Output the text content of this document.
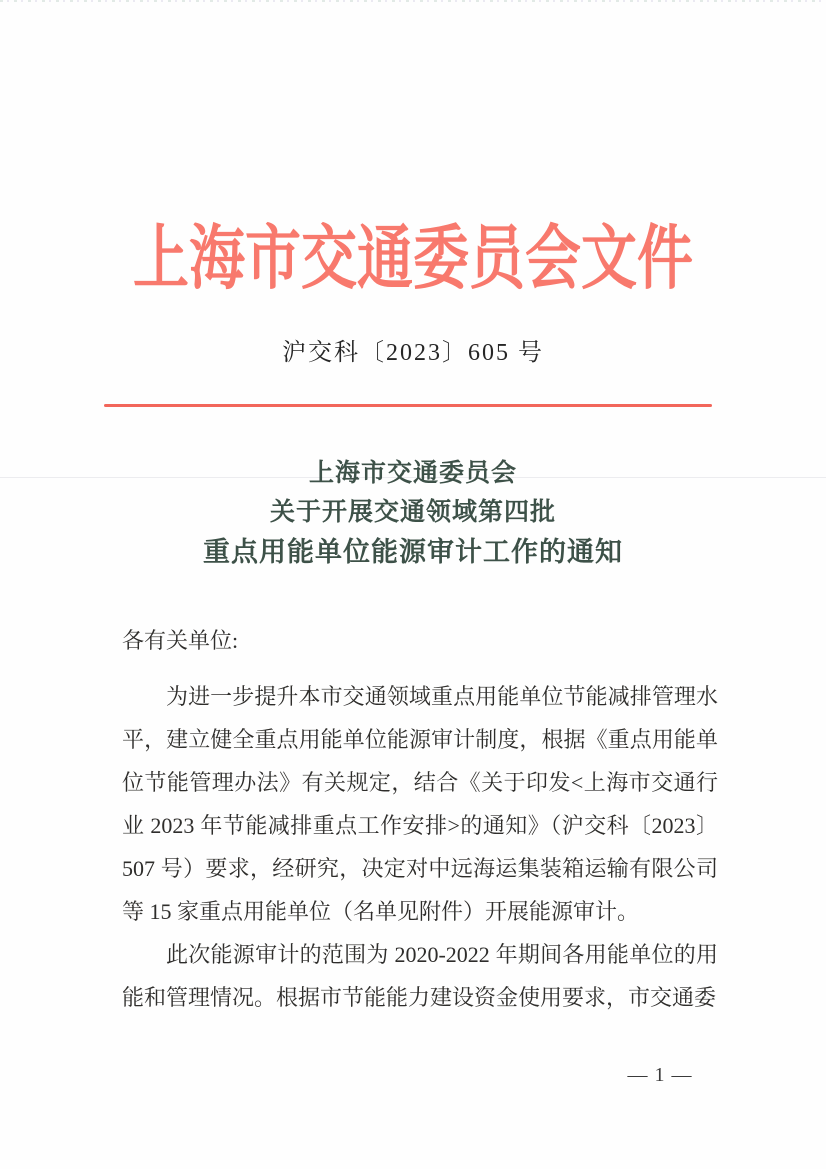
上海市交通委员会文件
沪交科〔2023〕605 号
上海市交通委员会
关于开展交通领域第四批
重点用能单位能源审计工作的通知

各有关单位:

为进一步提升本市交通领域重点用能单位节能减排管理水平，建立健全重点用能单位能源审计制度，根据《重点用能单位节能管理办法》有关规定，结合《关于印发<上海市交通行业 2023 年节能减排重点工作安排>的通知》（沪交科〔2023〕507 号）要求，经研究，决定对中远海运集装箱运输有限公司等 15 家重点用能单位（名单见附件）开展能源审计。

此次能源审计的范围为 2020-2022 年期间各用能单位的用能和管理情况。根据市节能能力建设资金使用要求，市交通委

— 1 —
